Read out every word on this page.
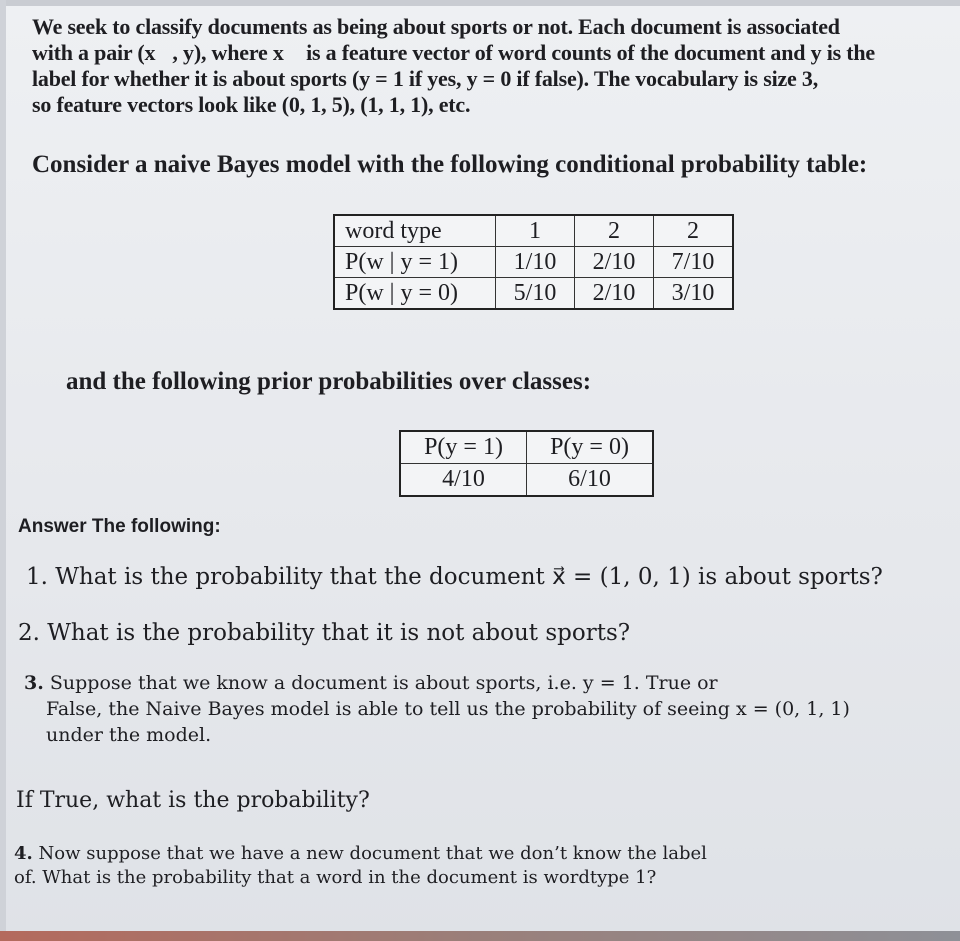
We seek to classify documents as being about sports or not. Each document is associated
with a pair (x⃗, y), where x⃗ is a feature vector of word counts of the document and y is the
label for whether it is about sports (y = 1 if yes, y = 0 if false). The vocabulary is size 3,
so feature vectors look like (0, 1, 5), (1, 1, 1), etc.
Consider a naive Bayes model with the following conditional probability table:
word type	1	2	2
P(w | y = 1)	1/10	2/10	7/10
P(w | y = 0)	5/10	2/10	3/10
and the following prior probabilities over classes:
P(y = 1)	P(y = 0)
4/10	6/10
Answer The following:
1. What is the probability that the document x⃗ = (1, 0, 1) is about sports?
2. What is the probability that it is not about sports?
3. Suppose that we know a document is about sports, i.e. y = 1. True or
False, the Naive Bayes model is able to tell us the probability of seeing x = (0, 1, 1)
under the model.
If True, what is the probability?
4. Now suppose that we have a new document that we don’t know the label
of. What is the probability that a word in the document is wordtype 1?
